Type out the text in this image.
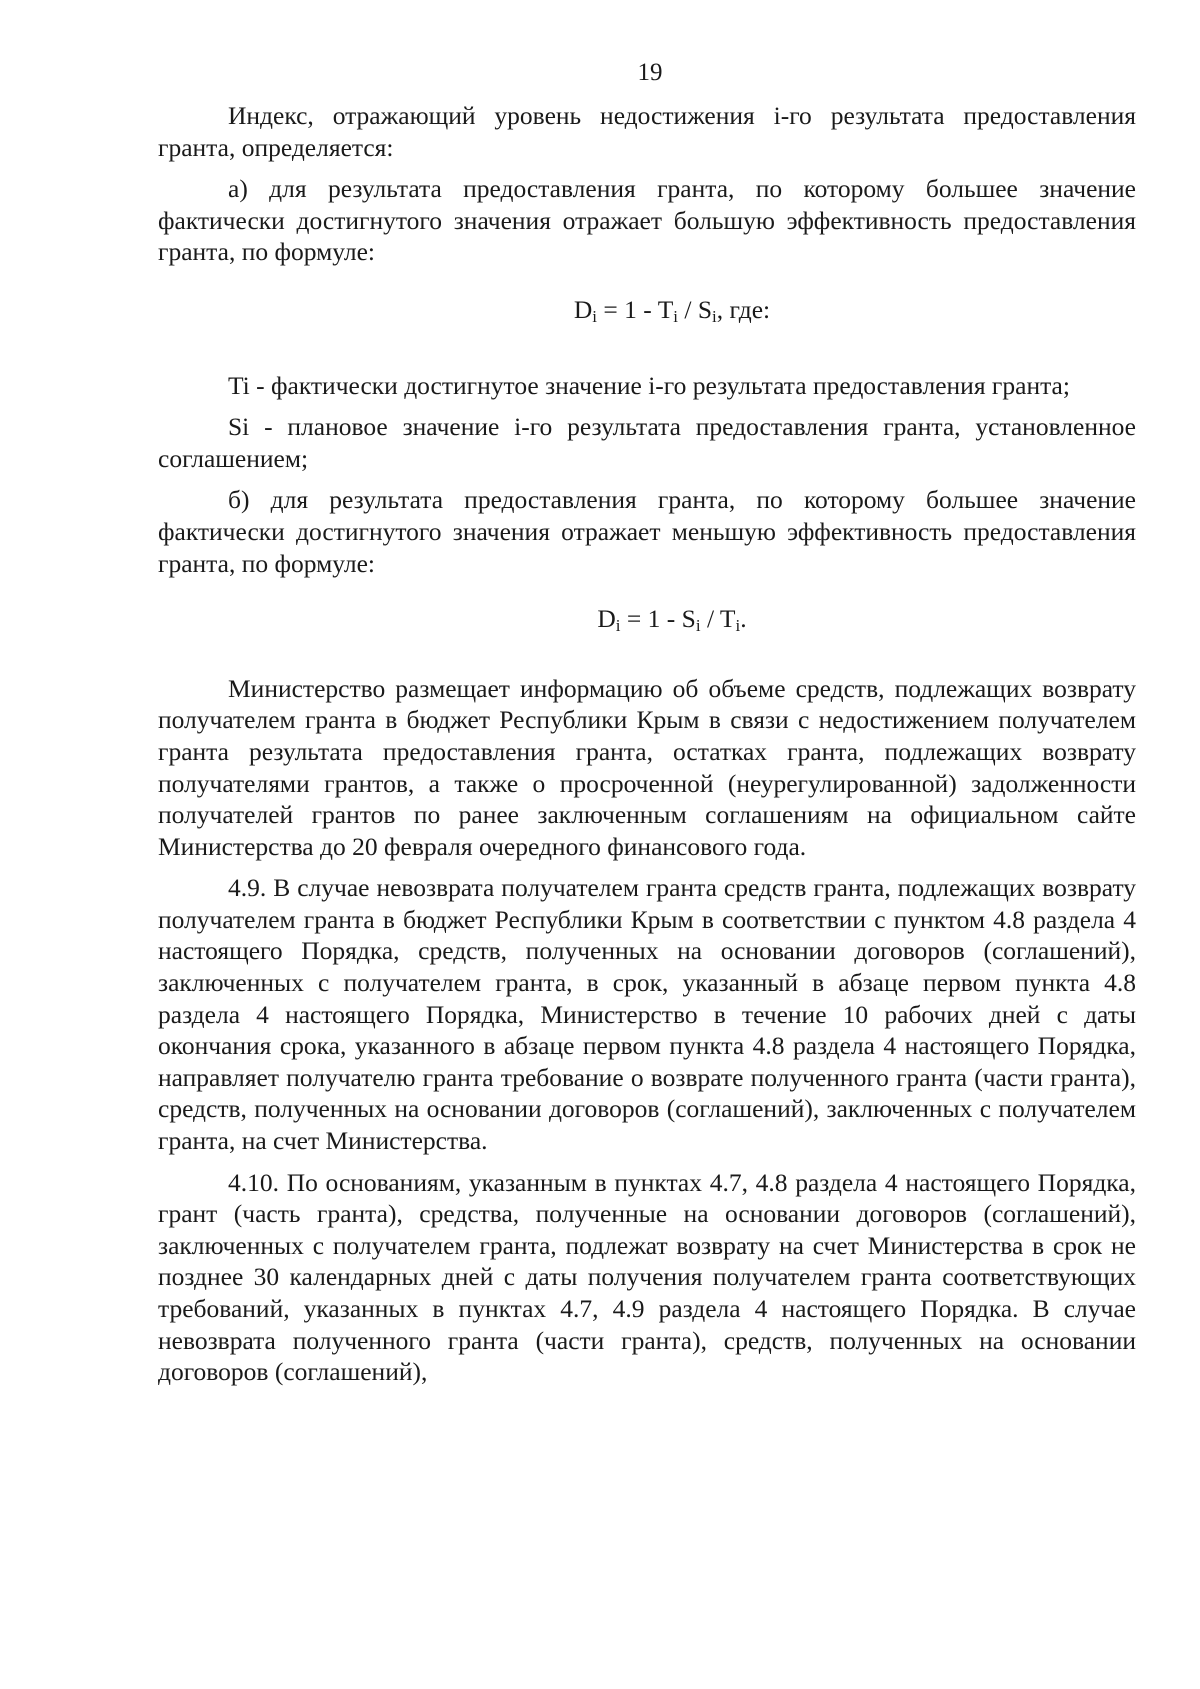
19

Индекс, отражающий уровень недостижения i-го результата предоставления гранта, определяется:

а) для результата предоставления гранта, по которому большее значение фактически достигнутого значения отражает большую эффективность предоставления гранта, по формуле:

$D_i = 1 - T_i / S_i$, где:

Ti - фактически достигнутое значение i-го результата предоставления гранта;

Si - плановое значение i-го результата предоставления гранта, установленное соглашением;

б) для результата предоставления гранта, по которому большее значение фактически достигнутого значения отражает меньшую эффективность предоставления гранта, по формуле:

$D_i = 1 - S_i / T_i$.

Министерство размещает информацию об объеме средств, подлежащих возврату получателем гранта в бюджет Республики Крым в связи с недостижением получателем гранта результата предоставления гранта, остатках гранта, подлежащих возврату получателями грантов, а также о просроченной (неурегулированной) задолженности получателей грантов по ранее заключенным соглашениям на официальном сайте Министерства до 20 февраля очередного финансового года.

4.9. В случае невозврата получателем гранта средств гранта, подлежащих возврату получателем гранта в бюджет Республики Крым в соответствии с пунктом 4.8 раздела 4 настоящего Порядка, средств, полученных на основании договоров (соглашений), заключенных с получателем гранта, в срок, указанный в абзаце первом пункта 4.8 раздела 4 настоящего Порядка, Министерство в течение 10 рабочих дней с даты окончания срока, указанного в абзаце первом пункта 4.8 раздела 4 настоящего Порядка, направляет получателю гранта требование о возврате полученного гранта (части гранта), средств, полученных на основании договоров (соглашений), заключенных с получателем гранта, на счет Министерства.

4.10. По основаниям, указанным в пунктах 4.7, 4.8 раздела 4 настоящего Порядка, грант (часть гранта), средства, полученные на основании договоров (соглашений), заключенных с получателем гранта, подлежат возврату на счет Министерства в срок не позднее 30 календарных дней с даты получения получателем гранта соответствующих требований, указанных в пунктах 4.7, 4.9 раздела 4 настоящего Порядка. В случае невозврата полученного гранта (части гранта), средств, полученных на основании договоров (соглашений),
